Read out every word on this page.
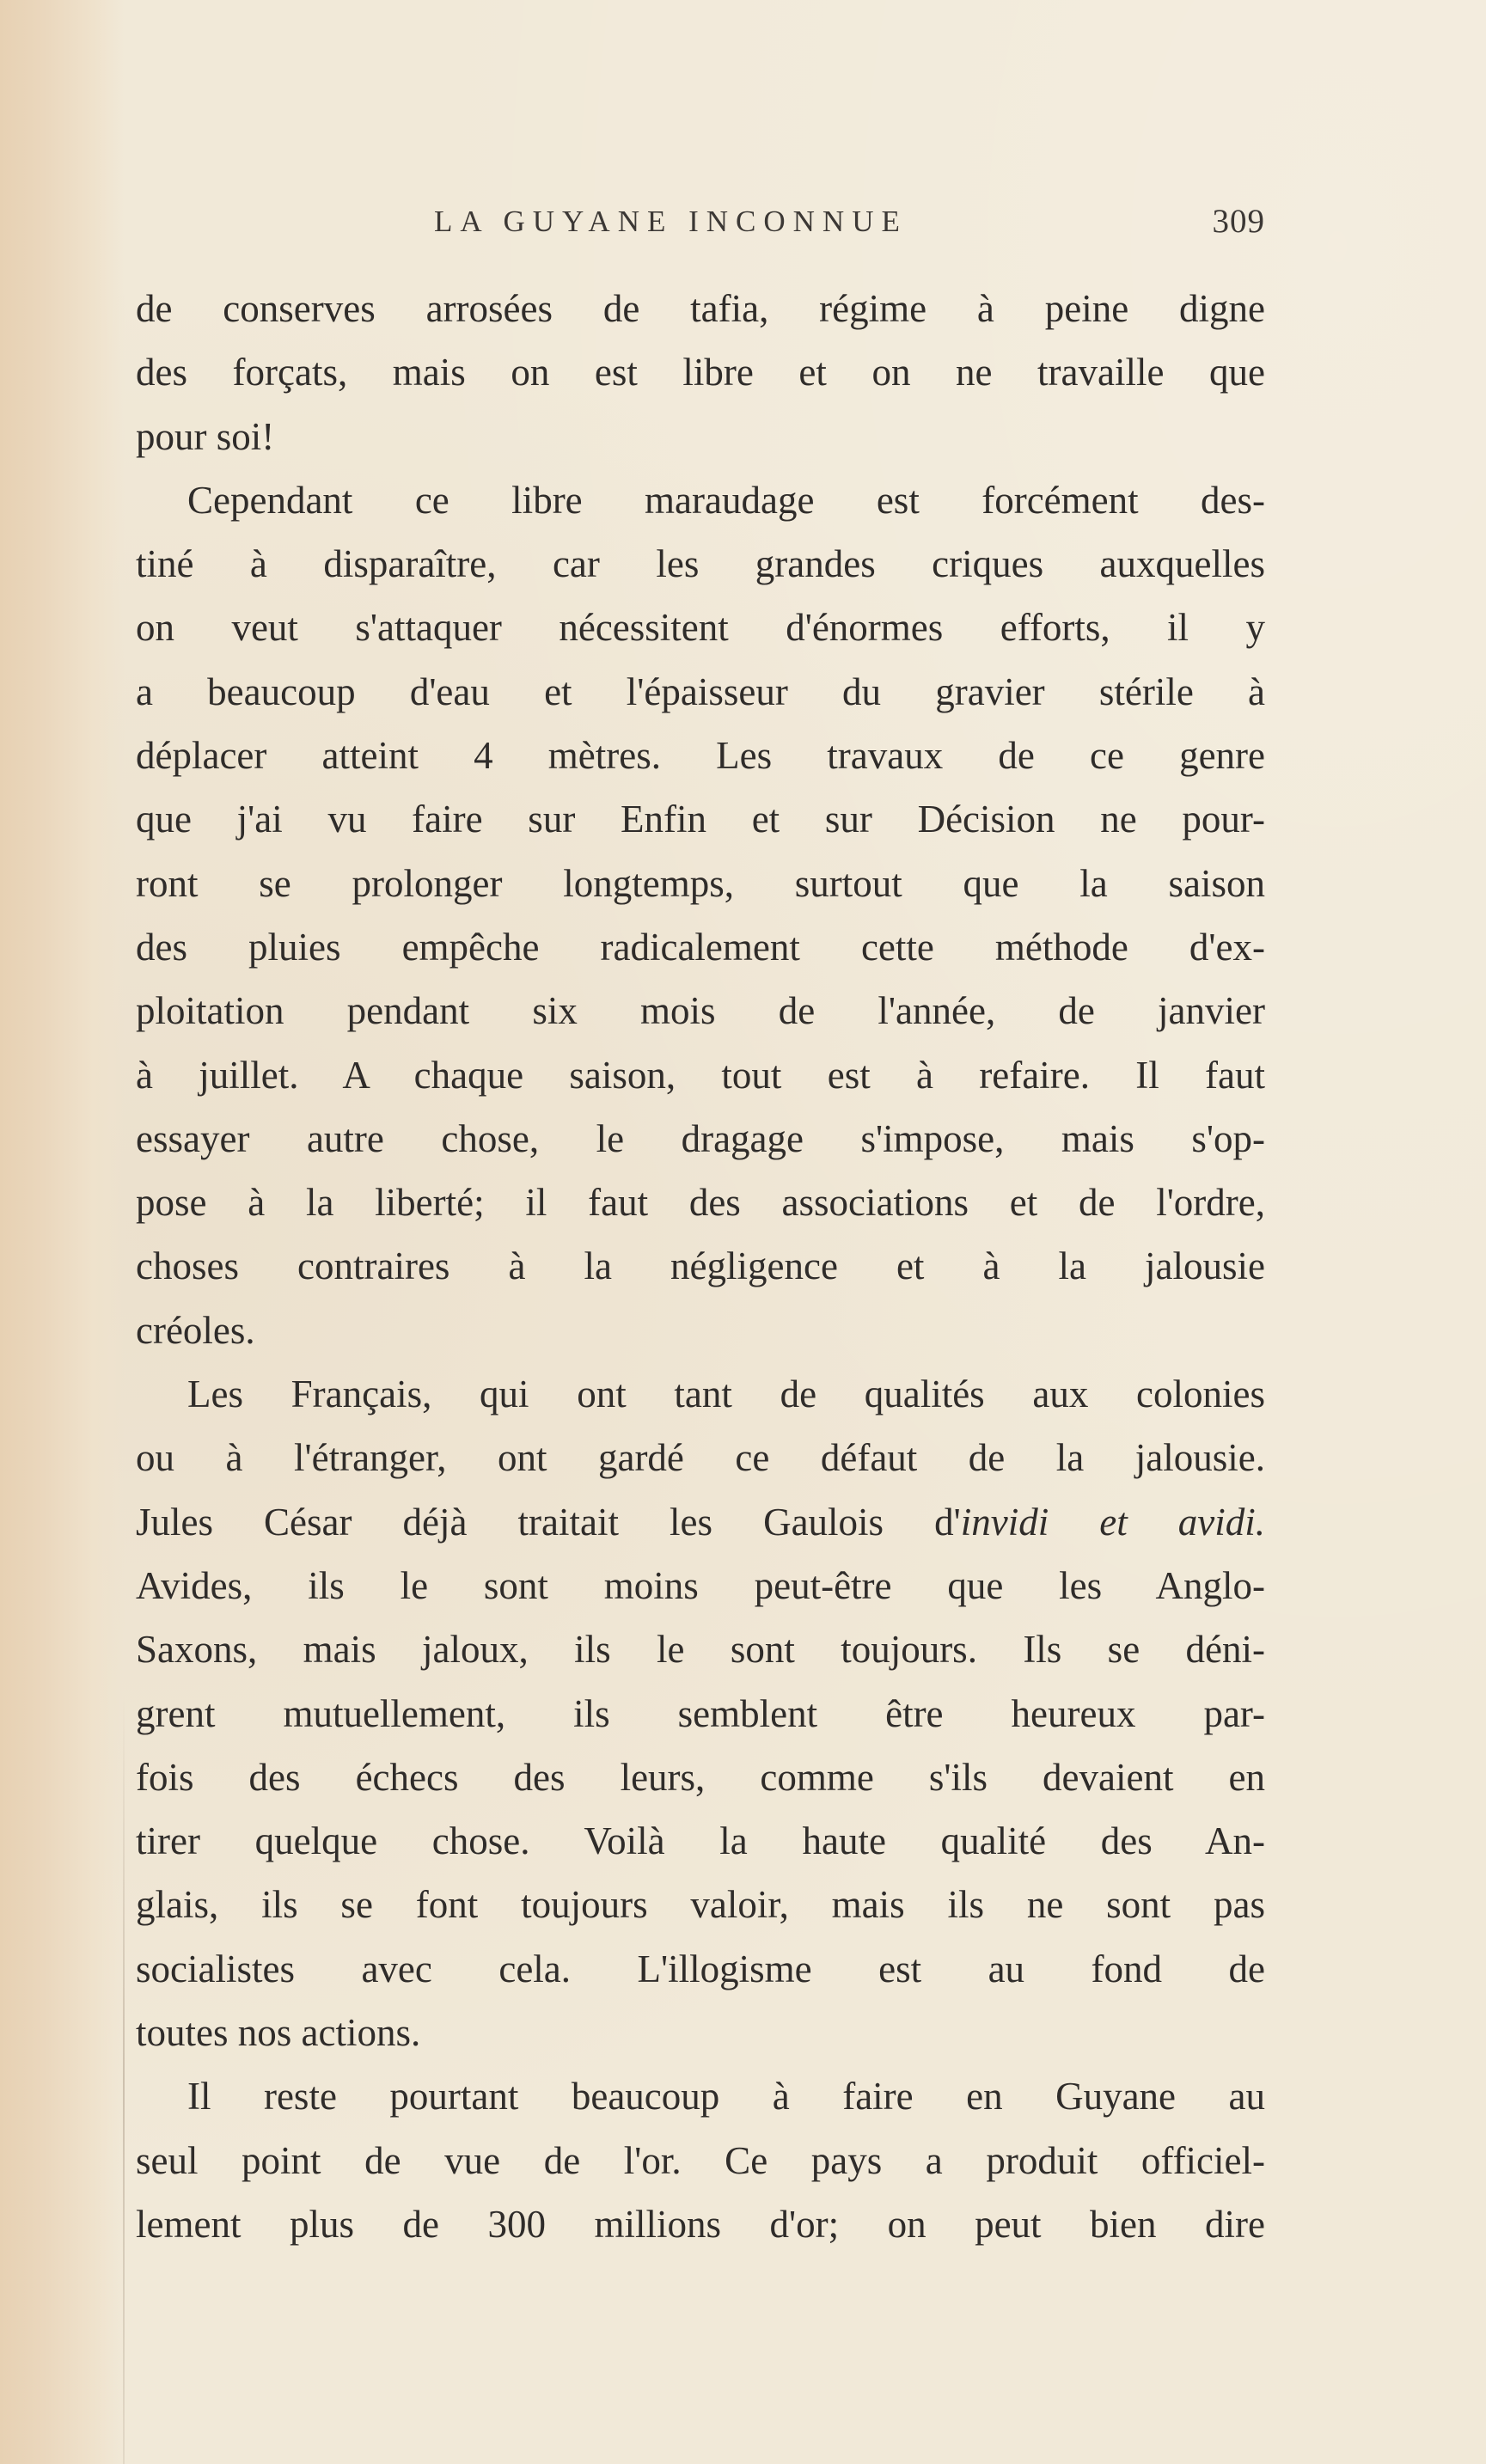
LA GUYANE INCONNUE	309
de conserves arrosées de tafia, régime à peine digne
des forçats, mais on est libre et on ne travaille que
pour soi!
Cependant ce libre maraudage est forcément des-
tiné à disparaître, car les grandes criques auxquelles
on veut s'attaquer nécessitent d'énormes efforts, il y
a beaucoup d'eau et l'épaisseur du gravier stérile à
déplacer atteint 4 mètres. Les travaux de ce genre
que j'ai vu faire sur Enfin et sur Décision ne pour-
ront se prolonger longtemps, surtout que la saison
des pluies empêche radicalement cette méthode d'ex-
ploitation pendant six mois de l'année, de janvier
à juillet. A chaque saison, tout est à refaire. Il faut
essayer autre chose, le dragage s'impose, mais s'op-
pose à la liberté; il faut des associations et de l'ordre,
choses contraires à la négligence et à la jalousie
créoles.
Les Français, qui ont tant de qualités aux colonies
ou à l'étranger, ont gardé ce défaut de la jalousie.
Jules César déjà traitait les Gaulois d'invidi et avidi.
Avides, ils le sont moins peut-être que les Anglo-
Saxons, mais jaloux, ils le sont toujours. Ils se déni-
grent mutuellement, ils semblent être heureux par-
fois des échecs des leurs, comme s'ils devaient en
tirer quelque chose. Voilà la haute qualité des An-
glais, ils se font toujours valoir, mais ils ne sont pas
socialistes avec cela. L'illogisme est au fond de
toutes nos actions.
Il reste pourtant beaucoup à faire en Guyane au
seul point de vue de l'or. Ce pays a produit officiel-
lement plus de 300 millions d'or; on peut bien dire
